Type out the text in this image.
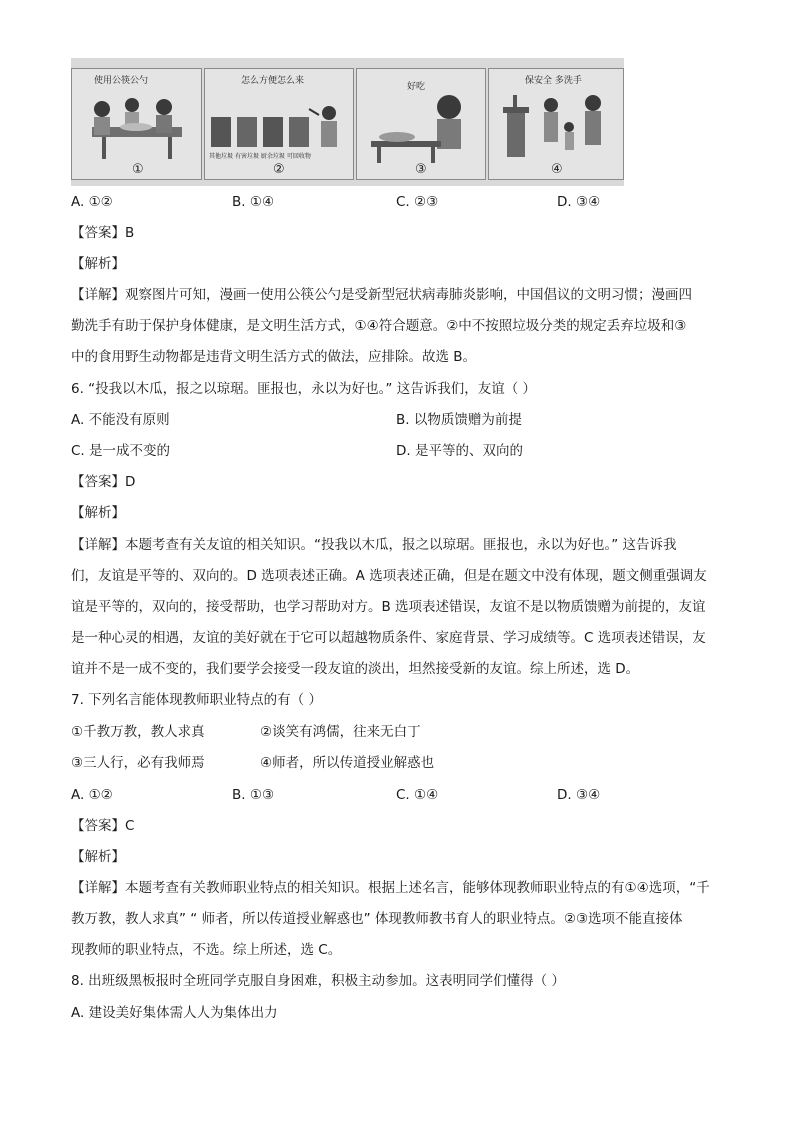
使用公筷公勺
①
怎么方便怎么来
其他垃圾 有害垃圾 厨余垃圾 可回收物
②
好吃
③
保安全 多洗手
④
A. ①②	B. ①④	C. ②③	D. ③④
【答案】B
【解析】
【详解】观察图片可知，漫画一使用公筷公勺是受新型冠状病毒肺炎影响，中国倡议的文明习惯；漫画四
勤洗手有助于保护身体健康，是文明生活方式，①④符合题意。②中不按照垃圾分类的规定丢弃垃圾和③
中的食用野生动物都是违背文明生活方式的做法，应排除。故选 B。
6. “投我以木瓜，报之以琼琚。匪报也，永以为好也。” 这告诉我们，友谊（ ）
A. 不能没有原则	B. 以物质馈赠为前提
C. 是一成不变的	D. 是平等的、双向的
【答案】D
【解析】
【详解】本题考查有关友谊的相关知识。“投我以木瓜，报之以琼琚。匪报也，永以为好也。” 这告诉我
们，友谊是平等的、双向的。D 选项表述正确。A 选项表述正确，但是在题文中没有体现，题文侧重强调友
谊是平等的，双向的，接受帮助，也学习帮助对方。B 选项表述错误，友谊不是以物质馈赠为前提的，友谊
是一种心灵的相遇，友谊的美好就在于它可以超越物质条件、家庭背景、学习成绩等。C 选项表述错误，友
谊并不是一成不变的，我们要学会接受一段友谊的淡出，坦然接受新的友谊。综上所述，选 D。
7. 下列名言能体现教师职业特点的有（ ）
①千教万教，教人求真	②谈笑有鸿儒，往来无白丁
③三人行，必有我师焉	④师者，所以传道授业解惑也
A. ①②	B. ①③	C. ①④	D. ③④
【答案】C
【解析】
【详解】本题考查有关教师职业特点的相关知识。根据上述名言，能够体现教师职业特点的有①④选项，“千
教万教，教人求真” “ 师者，所以传道授业解惑也” 体现教师教书育人的职业特点。②③选项不能直接体
现教师的职业特点，不选。综上所述，选 C。
8. 出班级黑板报时全班同学克服自身困难，积极主动参加。这表明同学们懂得（ ）
A. 建设美好集体需人人为集体出力
